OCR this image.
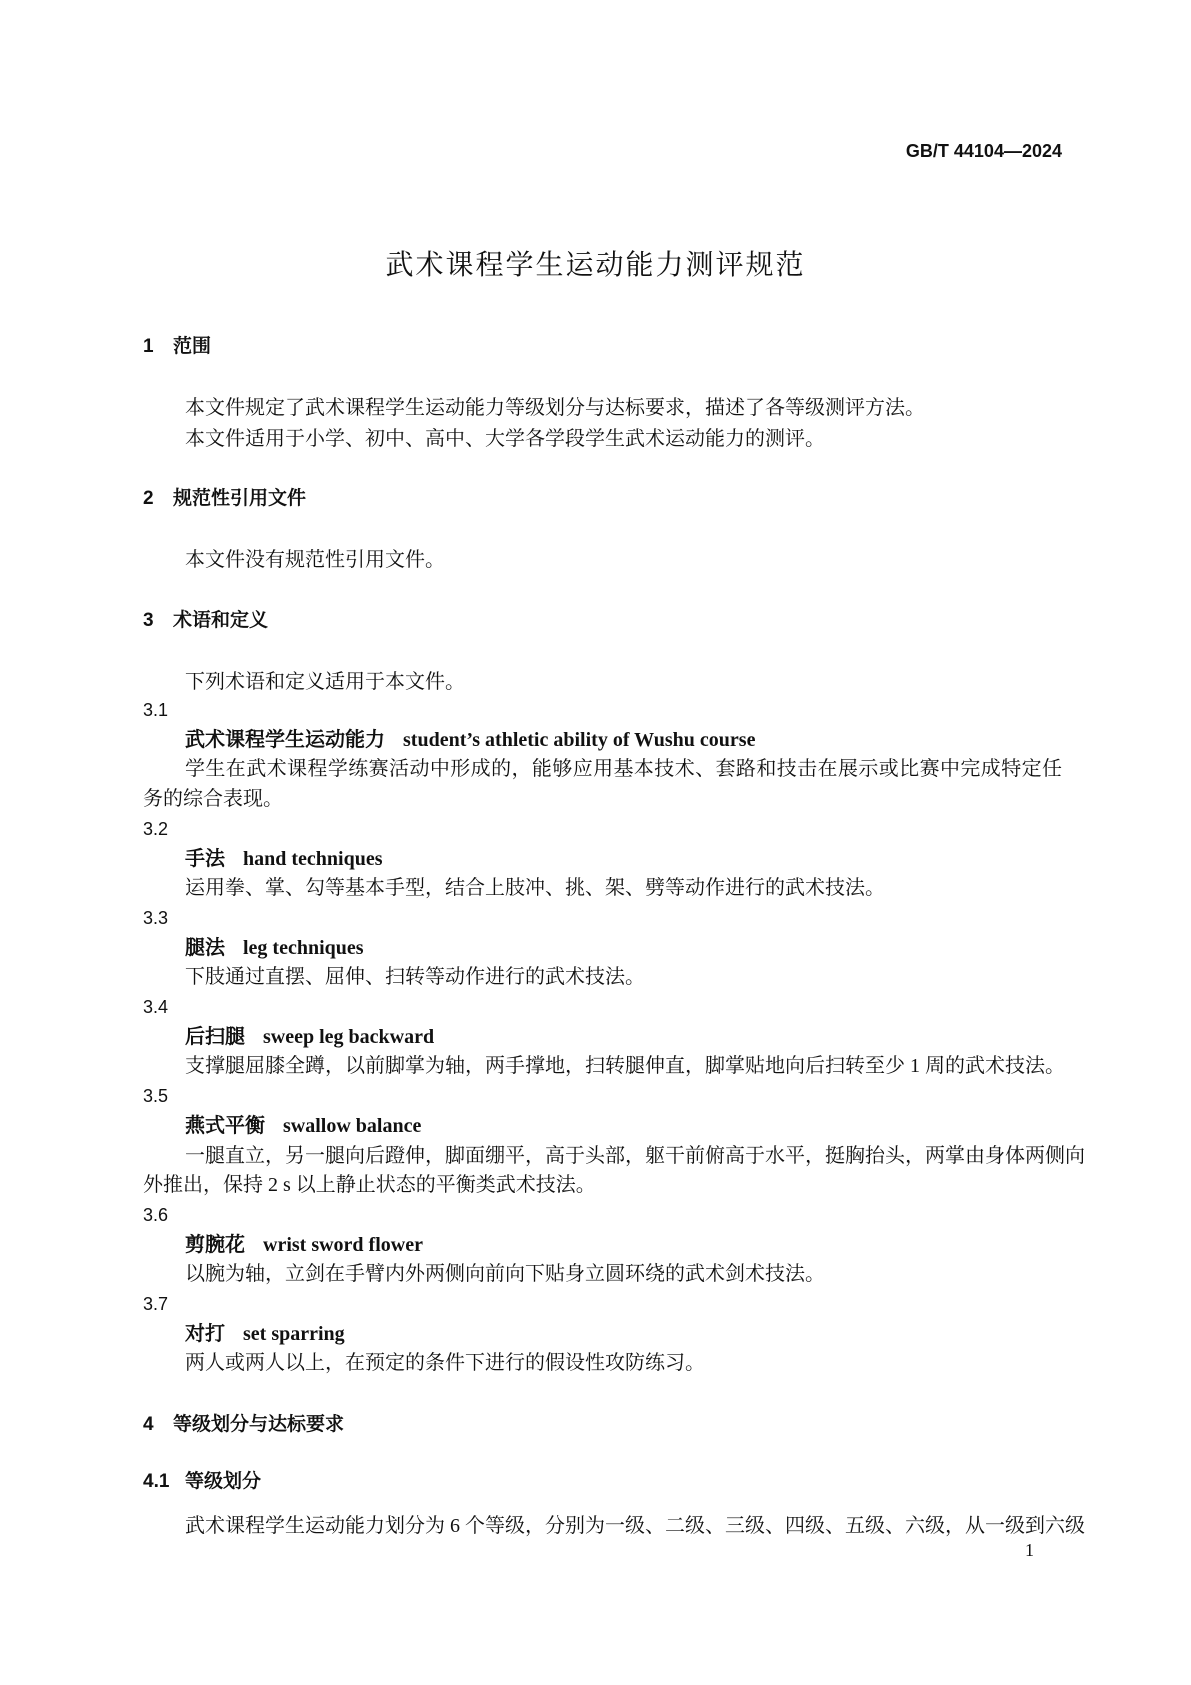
GB/T 44104—2024
武术课程学生运动能力测评规范
1 范围
本文件规定了武术课程学生运动能力等级划分与达标要求，描述了各等级测评方法。
本文件适用于小学、初中、高中、大学各学段学生武术运动能力的测评。
2 规范性引用文件
本文件没有规范性引用文件。
3 术语和定义
下列术语和定义适用于本文件。
3.1
武术课程学生运动能力 student’s athletic ability of Wushu course
学生在武术课程学练赛活动中形成的，能够应用基本技术、套路和技击在展示或比赛中完成特定任
务的综合表现。
3.2
手法 hand techniques
运用拳、掌、勾等基本手型，结合上肢冲、挑、架、劈等动作进行的武术技法。
3.3
腿法 leg techniques
下肢通过直摆、屈伸、扫转等动作进行的武术技法。
3.4
后扫腿 sweep leg backward
支撑腿屈膝全蹲，以前脚掌为轴，两手撑地，扫转腿伸直，脚掌贴地向后扫转至少 1 周的武术技法。
3.5
燕式平衡 swallow balance
一腿直立，另一腿向后蹬伸，脚面绷平，高于头部，躯干前俯高于水平，挺胸抬头，两掌由身体两侧向
外推出，保持 2 s 以上静止状态的平衡类武术技法。
3.6
剪腕花 wrist sword flower
以腕为轴，立剑在手臂内外两侧向前向下贴身立圆环绕的武术剑术技法。
3.7
对打 set sparring
两人或两人以上，在预定的条件下进行的假设性攻防练习。
4 等级划分与达标要求
4.1 等级划分
武术课程学生运动能力划分为 6 个等级，分别为一级、二级、三级、四级、五级、六级，从一级到六级
1
